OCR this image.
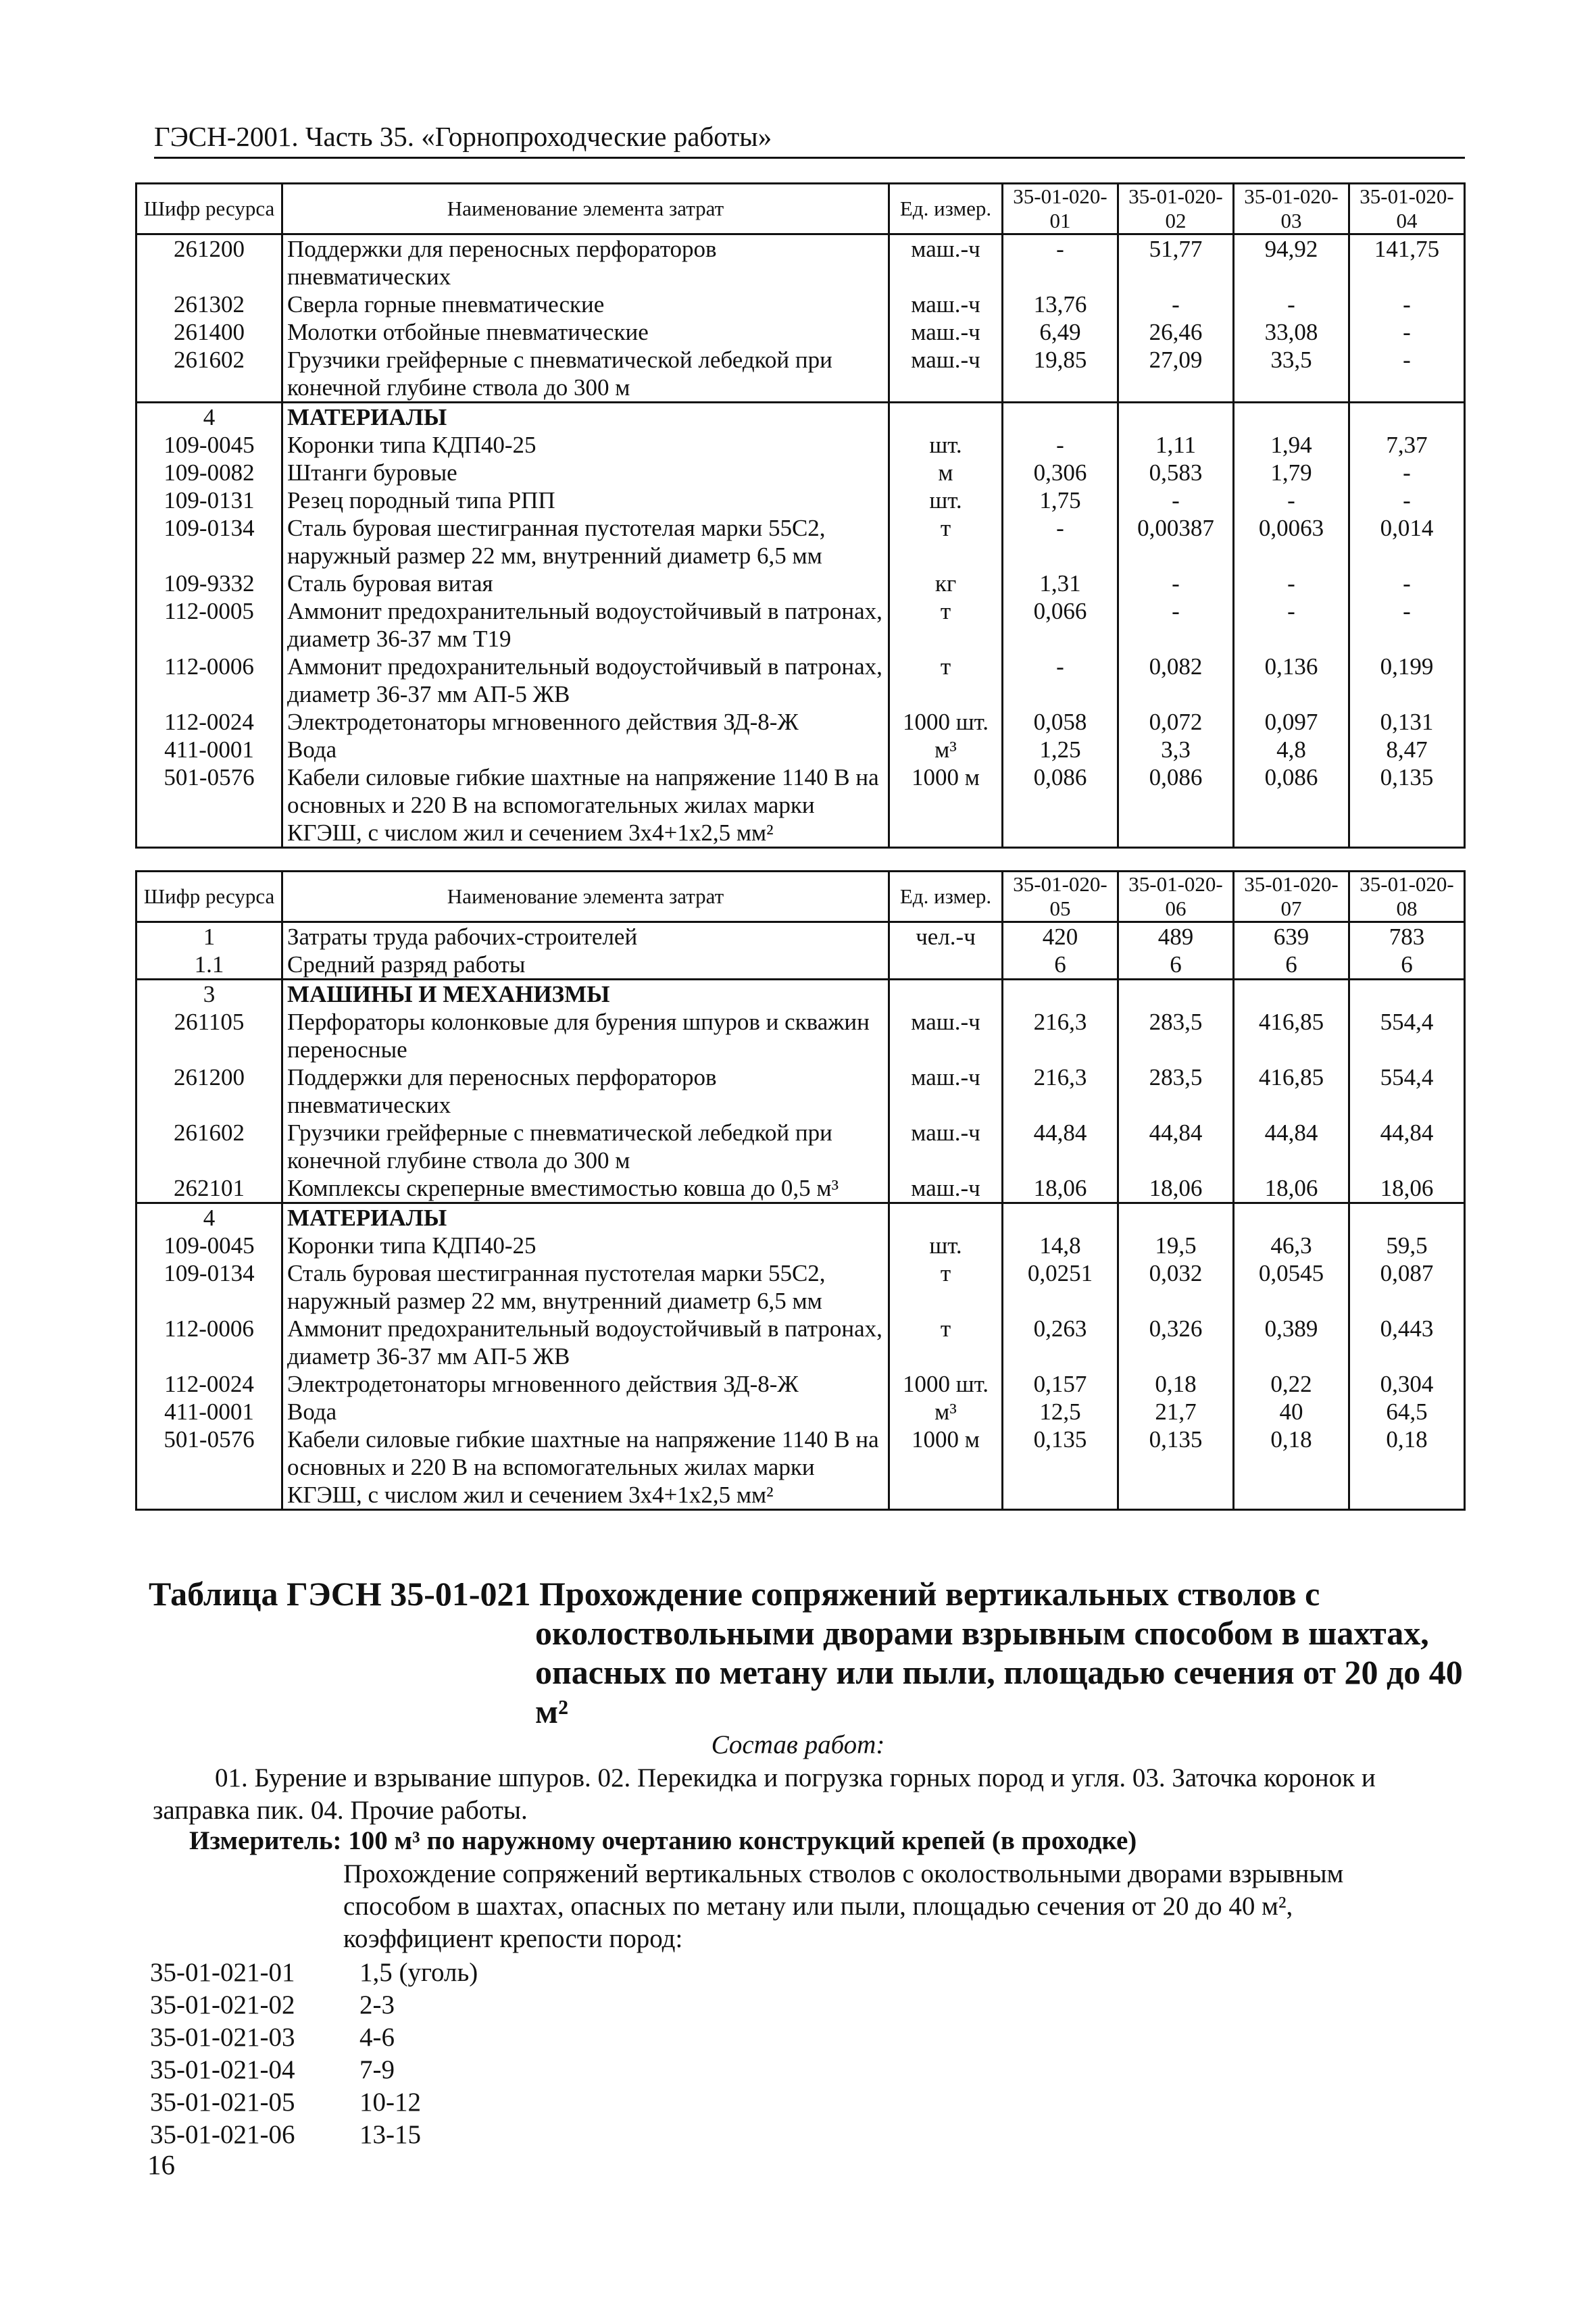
ГЭСН-2001. Часть 35. «Горнопроходческие работы»
Шифр ресурса	Наименование элемента затрат	Ед. измер.	35-01-020-01	35-01-020-02	35-01-020-03	35-01-020-04
261200	Поддержки для переносных перфораторов пневматических	маш.-ч	-	51,77	94,92	141,75
261302	Сверла горные пневматические	маш.-ч	13,76	-	-	-
261400	Молотки отбойные пневматические	маш.-ч	6,49	26,46	33,08	-
261602	Грузчики грейферные с пневматической лебедкой при конечной глубине ствола до 300 м	маш.-ч	19,85	27,09	33,5	-
4	МАТЕРИАЛЫ					
109-0045	Коронки типа КДП40-25	шт.	-	1,11	1,94	7,37
109-0082	Штанги буровые	м	0,306	0,583	1,79	-
109-0131	Резец породный типа РПП	шт.	1,75	-	-	-
109-0134	Сталь буровая шестигранная пустотелая марки 55С2, наружный размер 22 мм, внутренний диаметр 6,5 мм	т	-	0,00387	0,0063	0,014
109-9332	Сталь буровая витая	кг	1,31	-	-	-
112-0005	Аммонит предохранительный водоустойчивый в патронах, диаметр 36-37 мм Т19	т	0,066	-	-	-
112-0006	Аммонит предохранительный водоустойчивый в патронах, диаметр 36-37 мм АП-5 ЖВ	т	-	0,082	0,136	0,199
112-0024	Электродетонаторы мгновенного действия ЗД-8-Ж	1000 шт.	0,058	0,072	0,097	0,131
411-0001	Вода	м³	1,25	3,3	4,8	8,47
501-0576	Кабели силовые гибкие шахтные на напряжение 1140 В на основных и 220 В на вспомогательных жилах марки КГЭШ, с числом жил и сечением 3х4+1х2,5 мм²	1000 м	0,086	0,086	0,086	0,135
Шифр ресурса	Наименование элемента затрат	Ед. измер.	35-01-020-05	35-01-020-06	35-01-020-07	35-01-020-08
1	Затраты труда рабочих-строителей	чел.-ч	420	489	639	783
1.1	Средний разряд работы		6	6	6	6
3	МАШИНЫ И МЕХАНИЗМЫ					
261105	Перфораторы колонковые для бурения шпуров и скважин переносные	маш.-ч	216,3	283,5	416,85	554,4
261200	Поддержки для переносных перфораторов пневматических	маш.-ч	216,3	283,5	416,85	554,4
261602	Грузчики грейферные с пневматической лебедкой при конечной глубине ствола до 300 м	маш.-ч	44,84	44,84	44,84	44,84
262101	Комплексы скреперные вместимостью ковша до 0,5 м³	маш.-ч	18,06	18,06	18,06	18,06
4	МАТЕРИАЛЫ					
109-0045	Коронки типа КДП40-25	шт.	14,8	19,5	46,3	59,5
109-0134	Сталь буровая шестигранная пустотелая марки 55С2, наружный размер 22 мм, внутренний диаметр 6,5 мм	т	0,0251	0,032	0,0545	0,087
112-0006	Аммонит предохранительный водоустойчивый в патронах, диаметр 36-37 мм АП-5 ЖВ	т	0,263	0,326	0,389	0,443
112-0024	Электродетонаторы мгновенного действия ЗД-8-Ж	1000 шт.	0,157	0,18	0,22	0,304
411-0001	Вода	м³	12,5	21,7	40	64,5
501-0576	Кабели силовые гибкие шахтные на напряжение 1140 В на основных и 220 В на вспомогательных жилах марки КГЭШ, с числом жил и сечением 3х4+1х2,5 мм²	1000 м	0,135	0,135	0,18	0,18
Таблица ГЭСН 35-01-021 Прохождение сопряжений вертикальных стволов с
околоствольными дворами взрывным способом в шахтах,
опасных по метану или пыли, площадью сечения от 20 до 40
м²
Состав работ:
01. Бурение и взрывание шпуров. 02. Перекидка и погрузка горных пород и угля. 03. Заточка коронок и заправка пик. 04. Прочие работы.
Измеритель: 100 м³ по наружному очертанию конструкций крепей (в проходке)
Прохождение сопряжений вертикальных стволов с околоствольными дворами взрывным способом в шахтах, опасных по метану или пыли, площадью сечения от 20 до 40 м², коэффициент крепости пород:
35-01-021-01	1,5 (уголь)
35-01-021-02	2-3
35-01-021-03	4-6
35-01-021-04	7-9
35-01-021-05	10-12
35-01-021-06	13-15
16
